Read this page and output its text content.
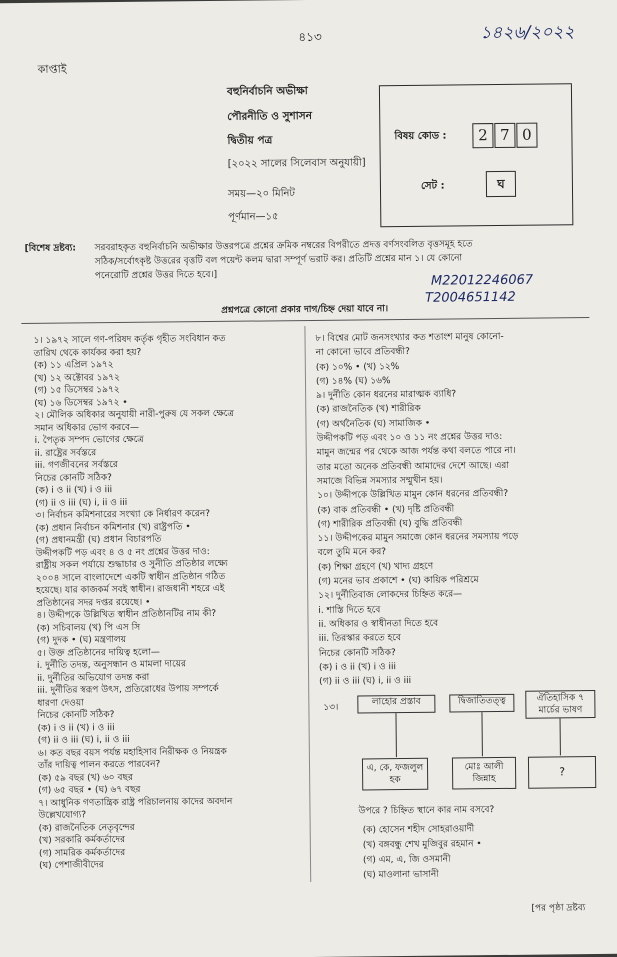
কাপ্তাই
৪১৩	১৪২৬/২০২২
বহুনির্বাচনি অভীক্ষা
পৌরনীতি ও সুশাসন
দ্বিতীয় পত্র
[২০২২ সালের সিলেবাস অনুযায়ী]
সময়—২০ মিনিট
পূর্ণমান—১৫
বিষয় কোড :	2 7 0
সেট :	ঘ
[বিশেষ দ্রষ্টব্য: সরবরাহকৃত বহুনির্বাচনি অভীক্ষার উত্তরপত্রে প্রশ্নের ক্রমিক নম্বরের বিপরীতে প্রদত্ত বর্ণসংবলিত বৃত্তসমূহ হতে
সঠিক/সর্বোৎকৃষ্ট উত্তরের বৃত্তটি বল পয়েন্ট কলম দ্বারা সম্পূর্ণ ভরাট কর। প্রতিটি প্রশ্নের মান ১। যে কোনো
পনেরোটি প্রশ্নের উত্তর দিতে হবে।]	M22012246067
T2004651142
প্রশ্নপত্রে কোনো প্রকার দাগ/চিহ্ন দেয়া যাবে না।
১। ১৯৭২ সালে গণ-পরিষদ কর্তৃক গৃহীত সংবিধান কত
তারিখ থেকে কার্যকর করা হয়?
(ক) ১১ এপ্রিল ১৯৭২
(খ) ১২ অক্টোবর ১৯৭২
(গ) ১৫ ডিসেম্বর ১৯৭২
(ঘ) ১৬ ডিসেম্বর ১৯৭২ •
২। মৌলিক অধিকার অনুযায়ী নারী-পুরুষ যে সকল ক্ষেত্রে
সমান অধিকার ভোগ করবে—
i. পৈতৃক সম্পদ ভোগের ক্ষেত্রে
ii. রাষ্ট্রের সর্বস্তরে
iii. গণজীবনের সর্বস্তরে
নিচের কোনটি সঠিক?
(ক) i ও ii (খ) i ও iii
(গ) ii ও iii (ঘ) i, ii ও iii
৩। নির্বাচন কমিশনারের সংখ্যা কে নির্ধারণ করেন?
(ক) প্রধান নির্বাচন কমিশনার (খ) রাষ্ট্রপতি •
(গ) প্রধানমন্ত্রী (ঘ) প্রধান বিচারপতি
উদ্দীপকটি পড় এবং ৪ ও ৫ নং প্রশ্নের উত্তর দাও:
রাষ্ট্রীয় সকল পর্যায়ে শুদ্ধাচার ও সুনীতি প্রতিষ্ঠার লক্ষ্যে
২০০৪ সালে বাংলাদেশে একটি স্বাধীন প্রতিষ্ঠান গঠিত
হয়েছে। যার কাজকর্ম সবই স্বাধীন। রাজধানী শহরে এই
প্রতিষ্ঠানের সদর দপ্তর রয়েছে। •
৪। উদ্দীপকে উল্লিখিত স্বাধীন প্রতিষ্ঠানটির নাম কী?
(ক) সচিবালয় (খ) পি এস সি
(গ) দুদক • (ঘ) মন্ত্রণালয়
৫। উক্ত প্রতিষ্ঠানের দায়িত্ব হলো—
i. দুর্নীতি তদন্ত, অনুসন্ধান ও মামলা দায়ের
ii. দুর্নীতির অভিযোগ তদন্ত করা
iii. দুর্নীতির স্বরূপ উৎস, প্রতিরোধের উপায় সম্পর্কে
ধারণা দেওয়া
নিচের কোনটি সঠিক?
(ক) i ও ii (খ) i ও iii
(গ) ii ও iii (ঘ) i, ii ও iii
৬। কত বছর বয়স পর্যন্ত মহাহিসাব নিরীক্ষক ও নিয়ন্ত্রক
তাঁর দায়িত্ব পালন করতে পারবেন?
(ক) ৫৯ বছর (খ) ৬০ বছর
(গ) ৬৫ বছর • (ঘ) ৬৭ বছর
৭। আধুনিক গণতান্ত্রিক রাষ্ট্র পরিচালনায় কাদের অবদান
উল্লেখযোগ্য?
(ক) রাজনৈতিক নেতৃবৃন্দের
(খ) সরকারি কর্মকর্তাদের
(গ) সামরিক কর্মকর্তাদের
(ঘ) পেশাজীবীদের
৮। বিশ্বের মোট জনসংখ্যার কত শতাংশ মানুষ কোনো-
না কোনো ভাবে প্রতিবন্ধী?
(ক) ১০% • (খ) ১২%
(গ) ১৪% (ঘ) ১৬%
৯। দুর্নীতি কোন ধরনের মারাত্মক ব্যাধি?
(ক) রাজনৈতিক (খ) শারীরিক
(গ) অর্থনৈতিক (ঘ) সামাজিক •
উদ্দীপকটি পড় এবং ১০ ও ১১ নং প্রশ্নের উত্তর দাও:
মামুন জন্মের পর থেকে আজ পর্যন্ত কথা বলতে পারে না।
তার মতো অনেক প্রতিবন্ধী আমাদের দেশে আছে। এরা
সমাজে বিভিন্ন সমস্যার সম্মুখীন হয়।
১০। উদ্দীপকে উল্লিখিত মামুন কোন ধরনের প্রতিবন্ধী?
(ক) বাক প্রতিবন্ধী • (খ) দৃষ্টি প্রতিবন্ধী
(গ) শারীরিক প্রতিবন্ধী (ঘ) বুদ্ধি প্রতিবন্ধী
১১। উদ্দীপকের মামুন সমাজে কোন ধরনের সমস্যায় পড়ে
বলে তুমি মনে কর?
(ক) শিক্ষা গ্রহণে (খ) খাদ্য গ্রহণে
(গ) মনের ভাব প্রকাশে • (ঘ) কায়িক পরিশ্রমে
১২। দুর্নীতিবাজ লোকদের চিহ্নিত করে—
i. শাস্তি দিতে হবে
ii. অধিকার ও স্বাধীনতা দিতে হবে
iii. তিরস্কার করতে হবে
নিচের কোনটি সঠিক?
(ক) i ও ii (খ) i ও iii
(গ) ii ও iii (ঘ) i, ii ও iii
১৩।
লাহোর প্রস্তাব	দ্বিজাতিতত্ত্ব	ঐতিহাসিক ৭ মার্চের ভাষণ
এ, কে, ফজলুল হক
মোঃ আলী জিন্নাহ
?
উপরে ? চিহ্নিত স্থানে কার নাম বসবে?
(ক) হোসেন শহীদ সোহরাওয়ার্দী
(খ) বঙ্গবন্ধু শেখ মুজিবুর রহমান •
(গ) এম, এ, জি ওসমানী
(ঘ) মাওলানা ভাসানী
[পর পৃষ্ঠা দ্রষ্টব্য
